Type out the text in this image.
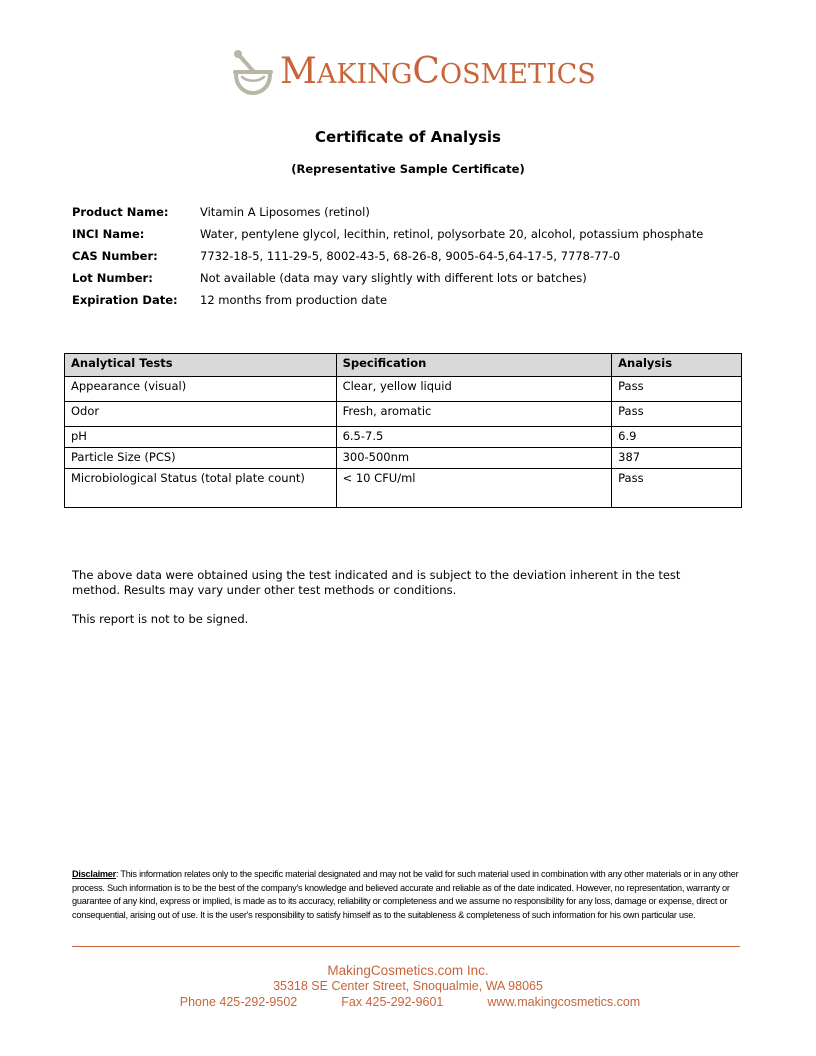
MAKINGCOSMETICS
Certificate of Analysis
(Representative Sample Certificate)
Product Name:	Vitamin A Liposomes (retinol)
INCI Name:	Water, pentylene glycol, lecithin, retinol, polysorbate 20, alcohol, potassium phosphate
CAS Number:	7732-18-5, 111-29-5, 8002-43-5, 68-26-8, 9005-64-5,64-17-5, 7778-77-0
Lot Number:	Not available (data may vary slightly with different lots or batches)
Expiration Date:	12 months from production date
Analytical Tests	Specification	Analysis
Appearance (visual)	Clear, yellow liquid	Pass
Odor	Fresh, aromatic	Pass
pH	6.5-7.5	6.9
Particle Size (PCS)	300-500nm	387
Microbiological Status (total plate count)	< 10 CFU/ml	Pass

The above data were obtained using the test indicated and is subject to the deviation inherent in the test method. Results may vary under other test methods or conditions.

This report is not to be signed.

Disclaimer: This information relates only to the specific material designated and may not be valid for such material used in combination with any other materials or in any other process. Such information is to be the best of the company's knowledge and believed accurate and reliable as of the date indicated. However, no representation, warranty or guarantee of any kind, express or implied, is made as to its accuracy, reliability or completeness and we assume no responsibility for any loss, damage or expense, direct or consequential, arising out of use. It is the user's responsibility to satisfy himself as to the suitableness & completeness of such information for his own particular use.
MakingCosmetics.com Inc.
35318 SE Center Street, Snoqualmie, WA 98065
Phone 425-292-9502	Fax 425-292-9601	www.makingcosmetics.com
